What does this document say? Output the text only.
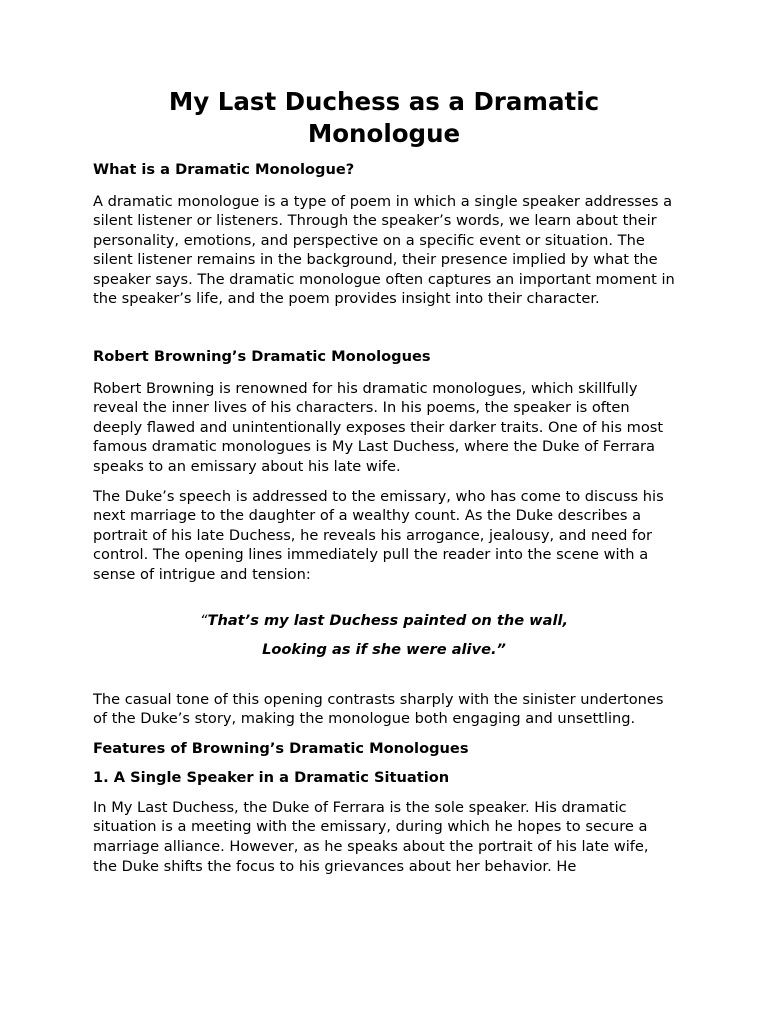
My Last Duchess as a Dramatic Monologue
What is a Dramatic Monologue?

A dramatic monologue is a type of poem in which a single speaker addresses a silent listener or listeners. Through the speaker’s words, we learn about their personality, emotions, and perspective on a specific event or situation. The silent listener remains in the background, their presence implied by what the speaker says. The dramatic monologue often captures an important moment in the speaker’s life, and the poem provides insight into their character.

Robert Browning’s Dramatic Monologues

Robert Browning is renowned for his dramatic monologues, which skillfully reveal the inner lives of his characters. In his poems, the speaker is often deeply flawed and unintentionally exposes their darker traits. One of his most famous dramatic monologues is My Last Duchess, where the Duke of Ferrara speaks to an emissary about his late wife.

The Duke’s speech is addressed to the emissary, who has come to discuss his next marriage to the daughter of a wealthy count. As the Duke describes a portrait of his late Duchess, he reveals his arrogance, jealousy, and need for control. The opening lines immediately pull the reader into the scene with a sense of intrigue and tension:

“That’s my last Duchess painted on the wall,

Looking as if she were alive.”

The casual tone of this opening contrasts sharply with the sinister undertones of the Duke’s story, making the monologue both engaging and unsettling.

Features of Browning’s Dramatic Monologues
1. A Single Speaker in a Dramatic Situation

In My Last Duchess, the Duke of Ferrara is the sole speaker. His dramatic situation is a meeting with the emissary, during which he hopes to secure a marriage alliance. However, as he speaks about the portrait of his late wife, the Duke shifts the focus to his grievances about her behavior. He
